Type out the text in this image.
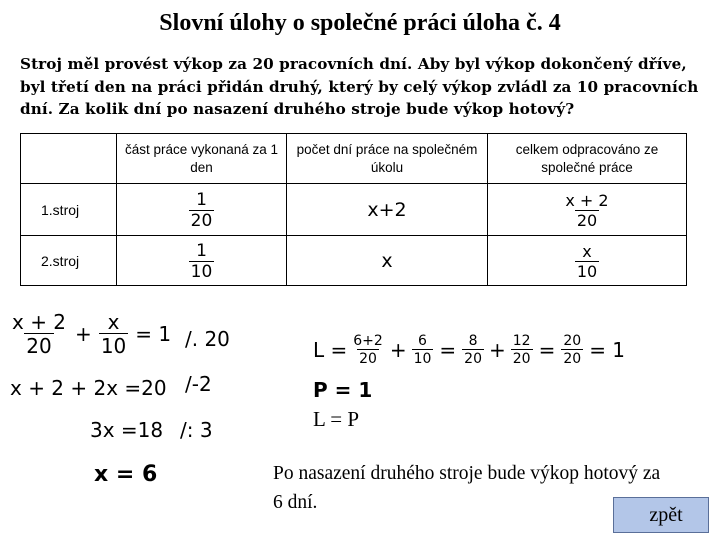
Slovní úlohy o společné práci úloha č. 4
Stroj měl provést výkop za 20 pracovních dní. Aby byl výkop dokončený dříve, byl třetí den na práci přidán druhý, který by celý výkop zvládl za 10 pracovních dní. Za kolik dní po nasazení druhého stroje bude výkop hotový?
	část práce vykonaná za 1 den	počet dní práce na společném úkolu	celkem odpracováno ze společné práce
1.stroj	$\frac{1}{20}$	x+2	$\frac{x + 2}{20}$

2.stroj	$\frac{1}{10}$	x	$\frac{x}{10}$
$\frac{x + 2}{20} + \frac{x}{10} = 1$ /. 20
x + 2 + 2x =20 /-2
3x =18 /: 3
x = 6
$L = \frac{6+2}{20} + \frac{6}{10} = \frac{8}{20} + \frac{12}{20} = \frac{20}{20} = 1$
P = 1
L = P
Po nasazení druhého stroje bude výkop hotový za 6 dní.
zpět
